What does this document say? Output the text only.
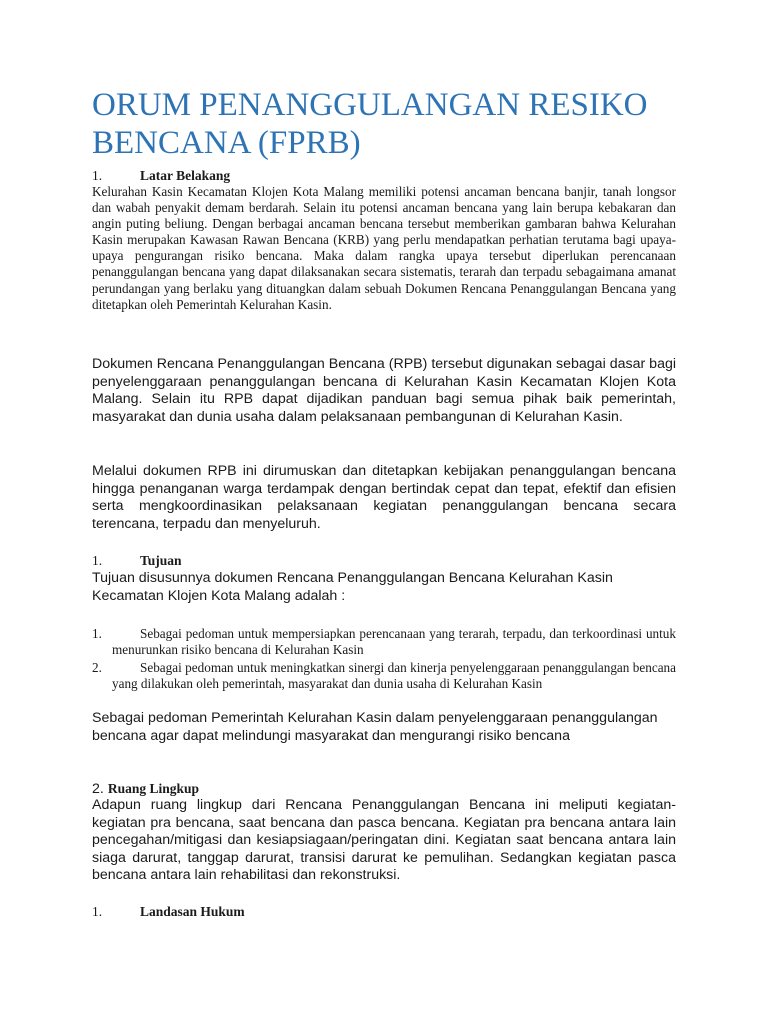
ORUM PENANGGULANGAN RESIKO BENCANA (FPRB)
1.	Latar Belakang

Kelurahan Kasin Kecamatan Klojen Kota Malang memiliki potensi ancaman bencana banjir, tanah longsor dan wabah penyakit demam berdarah. Selain itu potensi ancaman bencana yang lain berupa kebakaran dan angin puting beliung. Dengan berbagai ancaman bencana tersebut memberikan gambaran bahwa Kelurahan Kasin merupakan Kawasan Rawan Bencana (KRB) yang perlu mendapatkan perhatian terutama bagi upaya-upaya pengurangan risiko bencana. Maka dalam rangka upaya tersebut diperlukan perencanaan penanggulangan bencana yang dapat dilaksanakan secara sistematis, terarah dan terpadu sebagaimana amanat perundangan yang berlaku yang dituangkan dalam sebuah Dokumen Rencana Penanggulangan Bencana yang ditetapkan oleh Pemerintah Kelurahan Kasin.

Dokumen Rencana Penanggulangan Bencana (RPB) tersebut digunakan sebagai dasar bagi penyelenggaraan penanggulangan bencana di Kelurahan Kasin Kecamatan Klojen Kota Malang. Selain itu RPB dapat dijadikan panduan bagi semua pihak baik pemerintah, masyarakat dan dunia usaha dalam pelaksanaan pembangunan di Kelurahan Kasin.

Melalui dokumen RPB ini dirumuskan dan ditetapkan kebijakan penanggulangan bencana hingga penanganan warga terdampak dengan bertindak cepat dan tepat, efektif dan efisien serta mengkoordinasikan pelaksanaan kegiatan penanggulangan bencana secara terencana, terpadu dan menyeluruh.

1.	Tujuan

Tujuan disusunnya dokumen Rencana Penanggulangan Bencana Kelurahan Kasin Kecamatan Klojen Kota Malang adalah :

1.	Sebagai pedoman untuk mempersiapkan perencanaan yang terarah, terpadu, dan terkoordinasi untuk menurunkan risiko bencana di Kelurahan Kasin
2.	Sebagai pedoman untuk meningkatkan sinergi dan kinerja penyelenggaraan penanggulangan bencana yang dilakukan oleh pemerintah, masyarakat dan dunia usaha di Kelurahan Kasin

Sebagai pedoman Pemerintah Kelurahan Kasin dalam penyelenggaraan penanggulangan bencana agar dapat melindungi masyarakat dan mengurangi risiko bencana

2. Ruang Lingkup

Adapun ruang lingkup dari Rencana Penanggulangan Bencana ini meliputi kegiatan-kegiatan pra bencana, saat bencana dan pasca bencana. Kegiatan pra bencana antara lain pencegahan/mitigasi dan kesiapsiagaan/peringatan dini. Kegiatan saat bencana antara lain siaga darurat, tanggap darurat, transisi darurat ke pemulihan. Sedangkan kegiatan pasca bencana antara lain rehabilitasi dan rekonstruksi.

1.	Landasan Hukum
